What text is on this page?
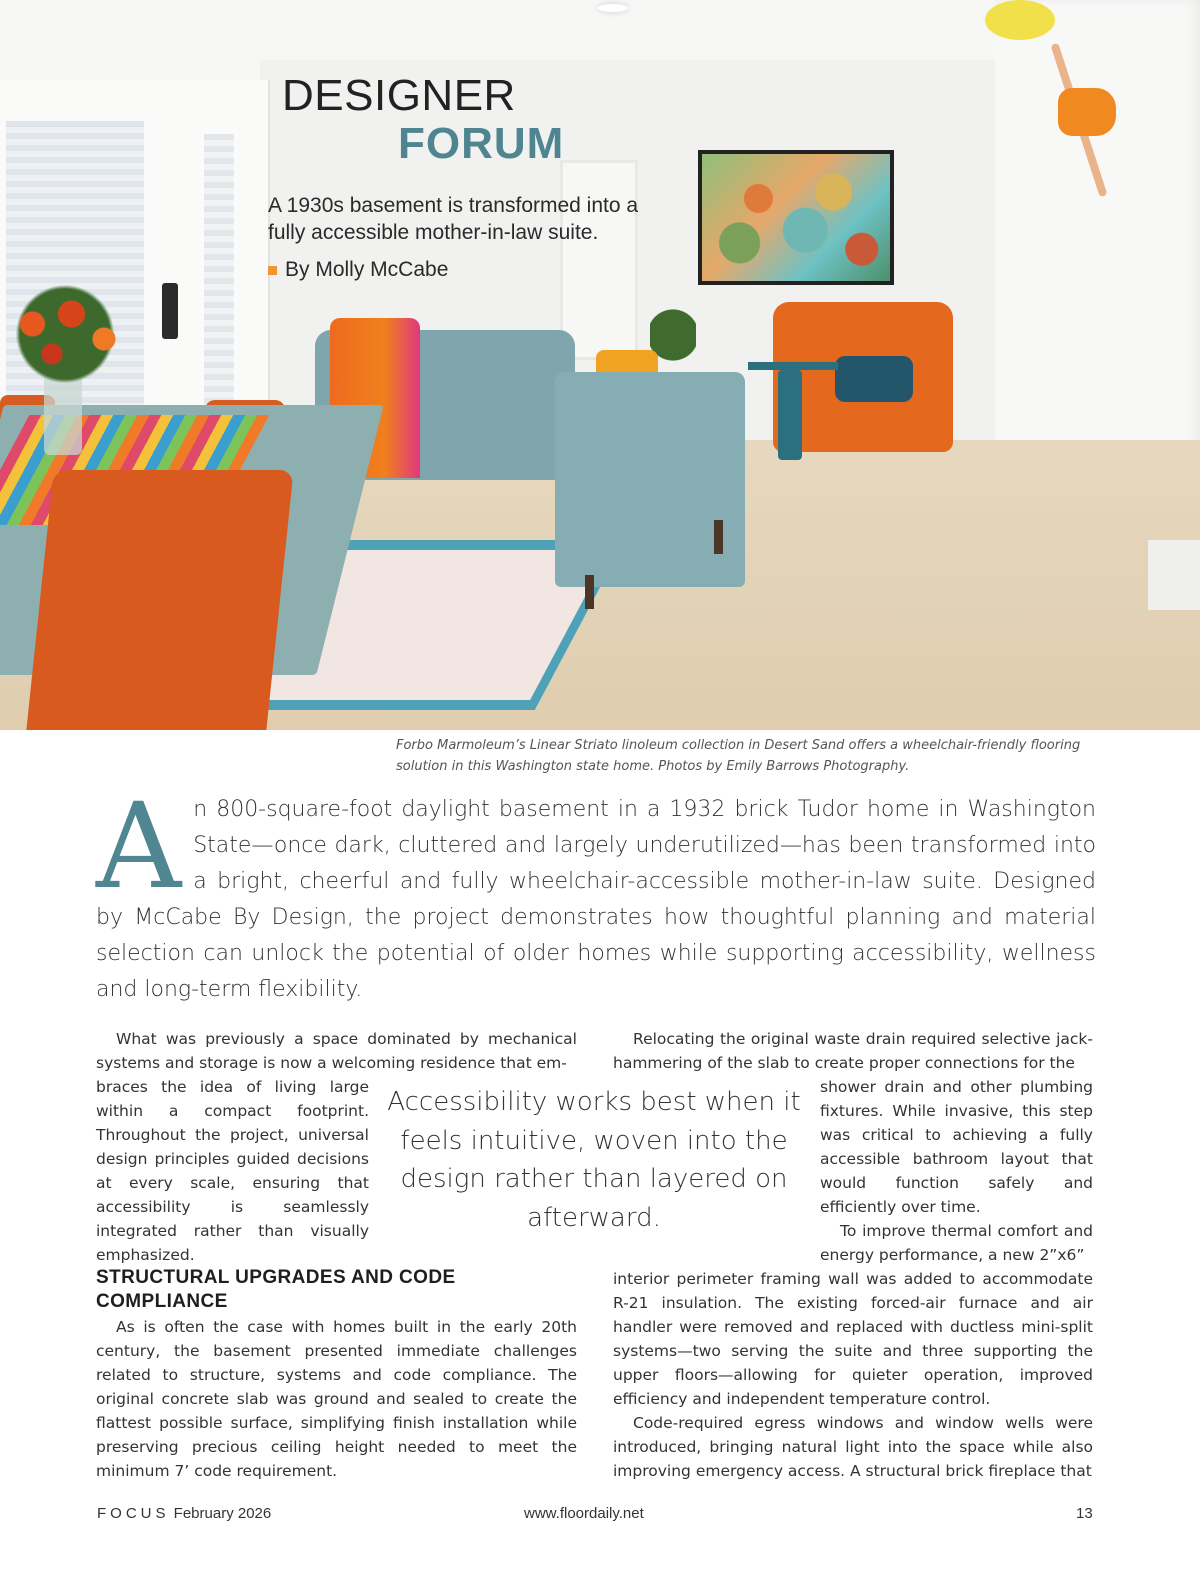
DESIGNER
FORUM
A 1930s basement is transformed into a fully accessible mother-in-law suite.
By Molly McCabe
Forbo Marmoleum’s Linear Striato linoleum collection in Desert Sand offers a wheelchair-friendly flooring solution in this Washington state home. Photos by Emily Barrows Photography.
A n 800-square-foot daylight basement in a 1932 brick Tudor home in Washington State—once dark, cluttered and largely underutilized—has been transformed into a bright, cheerful and fully wheelchair-accessible mother-in-law suite. Designed by McCabe By Design, the project demonstrates how thoughtful planning and material selection can unlock the potential of older homes while supporting accessibility, wellness and long-term flexibility.
What was previously a space dominated by mechanical systems and storage is now a welcoming residence that em-
braces the idea of living large within a compact footprint. Throughout the project, universal design principles guided decisions at every scale, ensuring that accessibility is seamlessly integrated rather than visually emphasized.
Accessibility works best when it feels intuitive, woven into the design rather than layered on afterward.
STRUCTURAL UPGRADES AND CODE COMPLIANCE
As is often the case with homes built in the early 20th century, the basement presented immediate challenges related to structure, systems and code compliance. The original concrete slab was ground and sealed to create the flattest possible surface, simplifying finish installation while preserving precious ceiling height needed to meet the minimum 7’ code requirement.
Relocating the original waste drain required selective jack-hammering of the slab to create proper connections for the
shower drain and other plumbing fixtures. While invasive, this step was critical to achieving a fully accessible bathroom layout that would function safely and efficiently over time.
To improve thermal comfort and energy performance, a new 2”x6”
interior perimeter framing wall was added to accommodate R-21 insulation. The existing forced-air furnace and air handler were removed and replaced with ductless mini-split systems—two serving the suite and three supporting the upper floors—allowing for quieter operation, improved efficiency and independent temperature control.
Code-required egress windows and window wells were introduced, bringing natural light into the space while also improving emergency access. A structural brick fireplace that
FOCUS February 2026	www.floordaily.net	13
